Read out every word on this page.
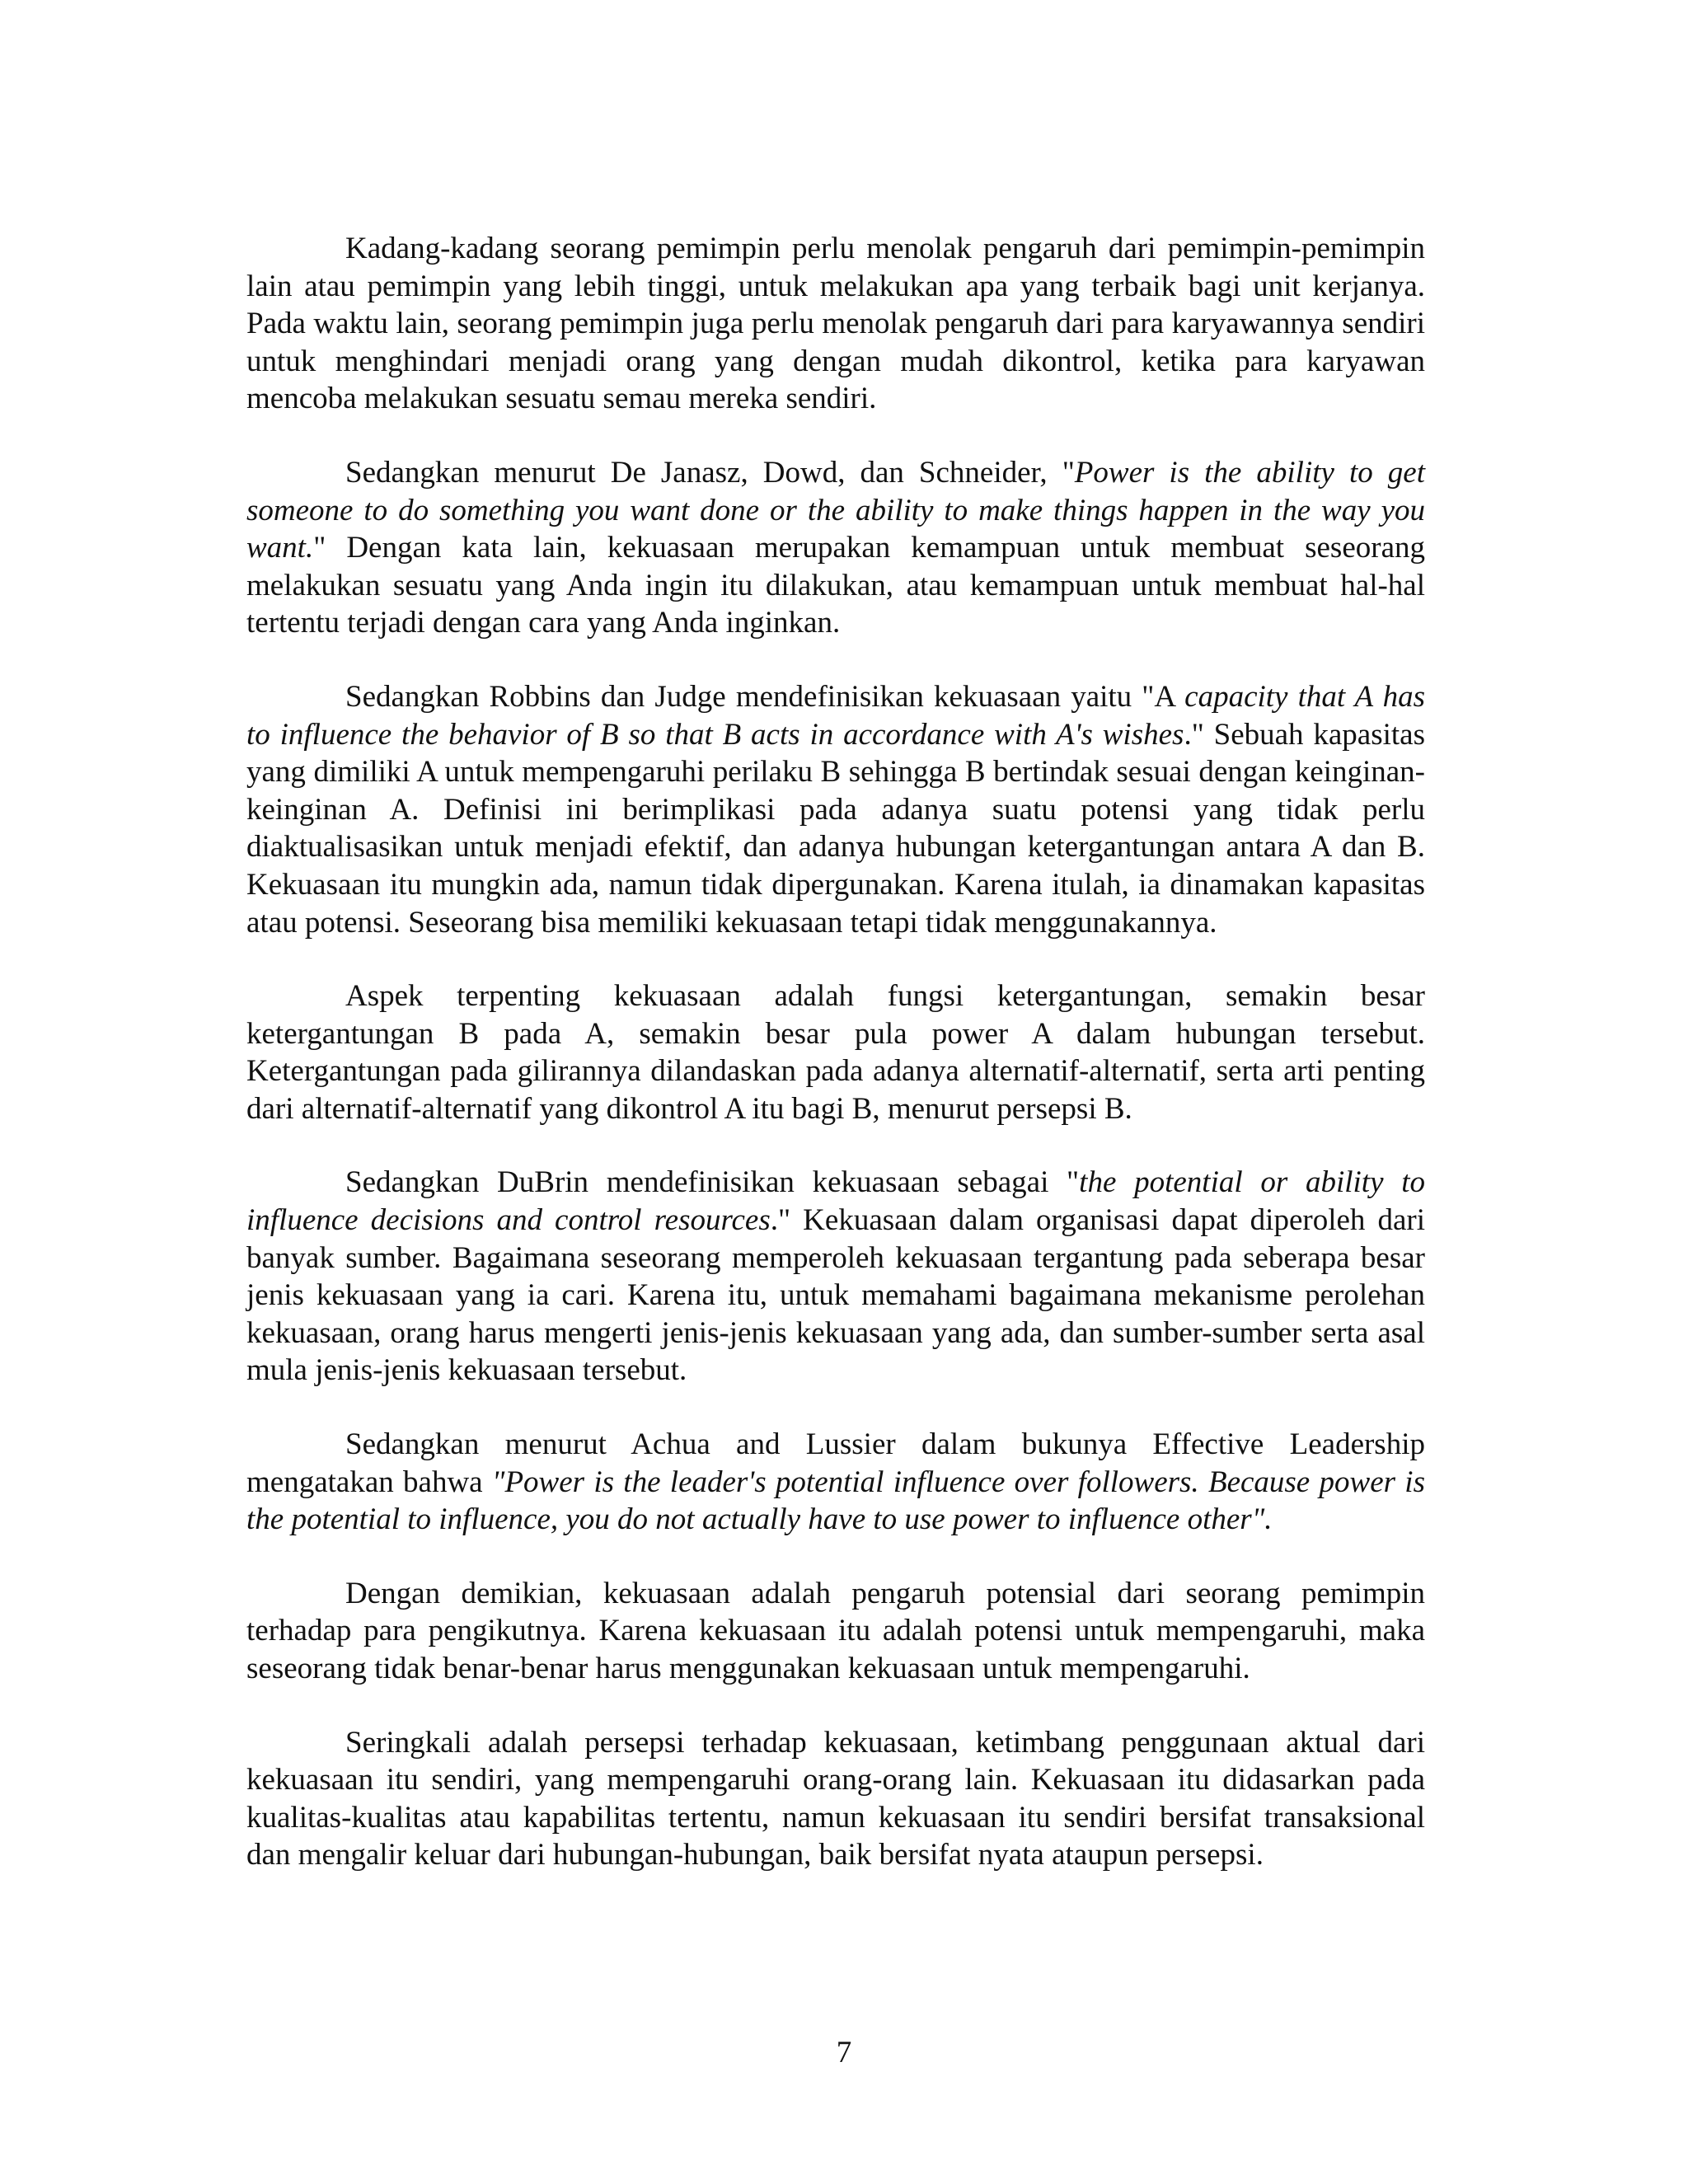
Kadang-kadang seorang pemimpin perlu menolak pengaruh dari pemimpin-pemimpin lain atau pemimpin yang lebih tinggi, untuk melakukan apa yang terbaik bagi unit kerjanya. Pada waktu lain, seorang pemimpin juga perlu menolak pengaruh dari para karyawannya sendiri untuk menghindari menjadi orang yang dengan mudah dikontrol, ketika para karyawan mencoba melakukan sesuatu semau mereka sendiri.

Sedangkan menurut De Janasz, Dowd, dan Schneider, "Power is the ability to get someone to do something you want done or the ability to make things happen in the way you want." Dengan kata lain, kekuasaan merupakan kemampuan untuk membuat seseorang melakukan sesuatu yang Anda ingin itu dilakukan, atau kemampuan untuk membuat hal-hal tertentu terjadi dengan cara yang Anda inginkan.

Sedangkan Robbins dan Judge mendefinisikan kekuasaan yaitu "A capacity that A has to influence the behavior of B so that B acts in accordance with A's wishes." Sebuah kapasitas yang dimiliki A untuk mempengaruhi perilaku B sehingga B bertindak sesuai dengan keinginan-keinginan A. Definisi ini berimplikasi pada adanya suatu potensi yang tidak perlu diaktualisasikan untuk menjadi efektif, dan adanya hubungan ketergantungan antara A dan B. Kekuasaan itu mungkin ada, namun tidak dipergunakan. Karena itulah, ia dinamakan kapasitas atau potensi. Seseorang bisa memiliki kekuasaan tetapi tidak menggunakannya.

Aspek terpenting kekuasaan adalah fungsi ketergantungan, semakin besar ketergantungan B pada A, semakin besar pula power A dalam hubungan tersebut. Ketergantungan pada gilirannya dilandaskan pada adanya alternatif-alternatif, serta arti penting dari alternatif-alternatif yang dikontrol A itu bagi B, menurut persepsi B.

Sedangkan DuBrin mendefinisikan kekuasaan sebagai "the potential or ability to influence decisions and control resources." Kekuasaan dalam organisasi dapat diperoleh dari banyak sumber. Bagaimana seseorang memperoleh kekuasaan tergantung pada seberapa besar jenis kekuasaan yang ia cari. Karena itu, untuk memahami bagaimana mekanisme perolehan kekuasaan, orang harus mengerti jenis-jenis kekuasaan yang ada, dan sumber-sumber serta asal mula jenis-jenis kekuasaan tersebut.

Sedangkan menurut Achua and Lussier dalam bukunya Effective Leadership mengatakan bahwa "Power is the leader's potential influence over followers. Because power is the potential to influence, you do not actually have to use power to influence other".

Dengan demikian, kekuasaan adalah pengaruh potensial dari seorang pemimpin terhadap para pengikutnya. Karena kekuasaan itu adalah potensi untuk mempengaruhi, maka seseorang tidak benar-benar harus menggunakan kekuasaan untuk mempengaruhi.

Seringkali adalah persepsi terhadap kekuasaan, ketimbang penggunaan aktual dari kekuasaan itu sendiri, yang mempengaruhi orang-orang lain. Kekuasaan itu didasarkan pada kualitas-kualitas atau kapabilitas tertentu, namun kekuasaan itu sendiri bersifat transaksional dan mengalir keluar dari hubungan-hubungan, baik bersifat nyata ataupun persepsi.

7
